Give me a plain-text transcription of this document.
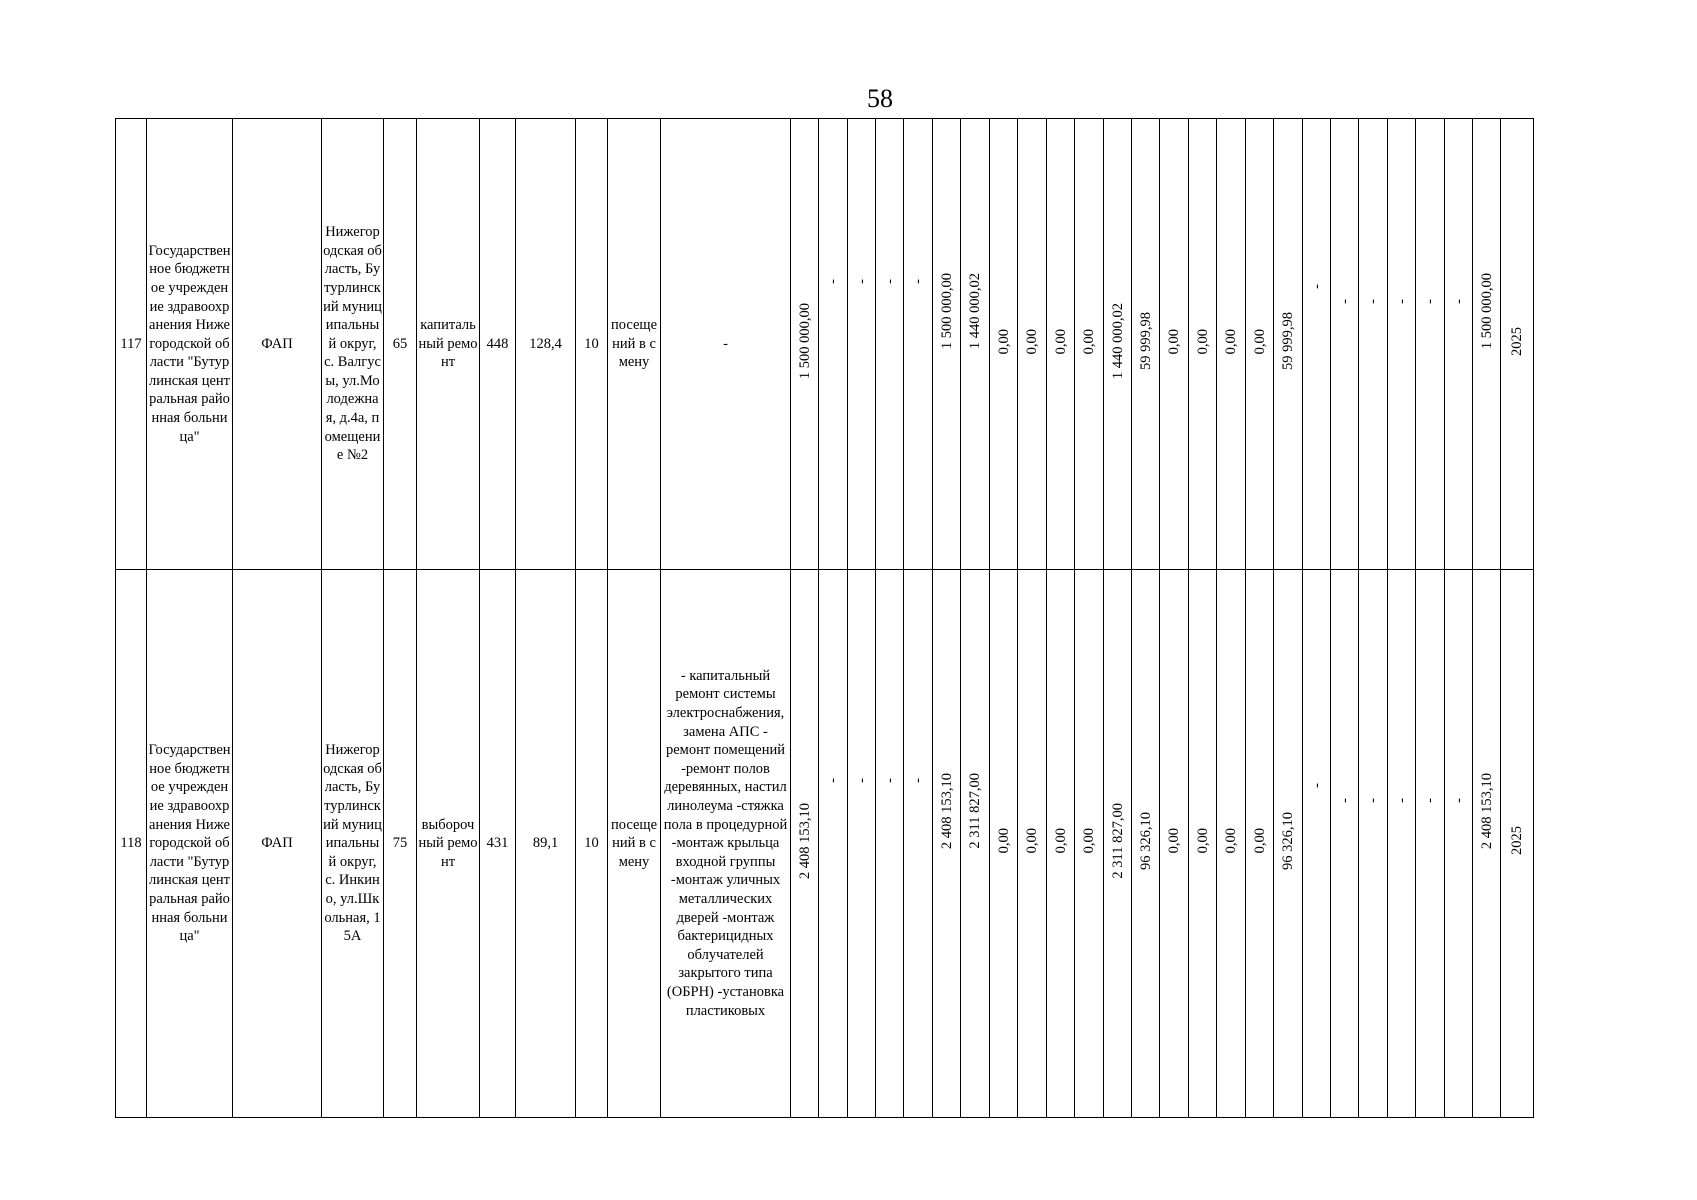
58
117	Государственное бюджетное учреждение здравоохранения Нижегородской области "Бутурлинская центральная районная больница"	ФАП	Нижегородская область, Бутурлинский муниципальный округ, с. Валгусы, ул.Молодежная, д.4а, помещение №2	65	капитальный ремонт	448	128,4	10	посещений в смену	-	1 500 000,00	-	-	-	-	1 500 000,00	1 440 000,02	0,00	0,00	0,00	0,00	1 440 000,02	59 999,98	0,00	0,00	0,00	0,00	59 999,98	-	-	-	-	-	-	1 500 000,00	2025

118	Государственное бюджетное учреждение здравоохранения Нижегородской области "Бутурлинская центральная районная больница"	ФАП	Нижегородская область, Бутурлинский муниципальный округ, с. Инкино, ул.Школьная, 15А	75	выборочный ремонт	431	89,1	10	посещений в смену	- капитальный ремонт системы электроснабжения, замена АПС - ремонт помещений -ремонт полов деревянных, настил линолеума -стяжка пола в процедурной -монтаж крыльца входной группы -монтаж уличных металлических дверей -монтаж бактерицидных облучателей закрытого типа (ОБРН) -установка пластиковых	2 408 153,10	-	-	-	-	2 408 153,10	2 311 827,00	0,00	0,00	0,00	0,00	2 311 827,00	96 326,10	0,00	0,00	0,00	0,00	96 326,10	-	-	-	-	-	-	2 408 153,10	2025
